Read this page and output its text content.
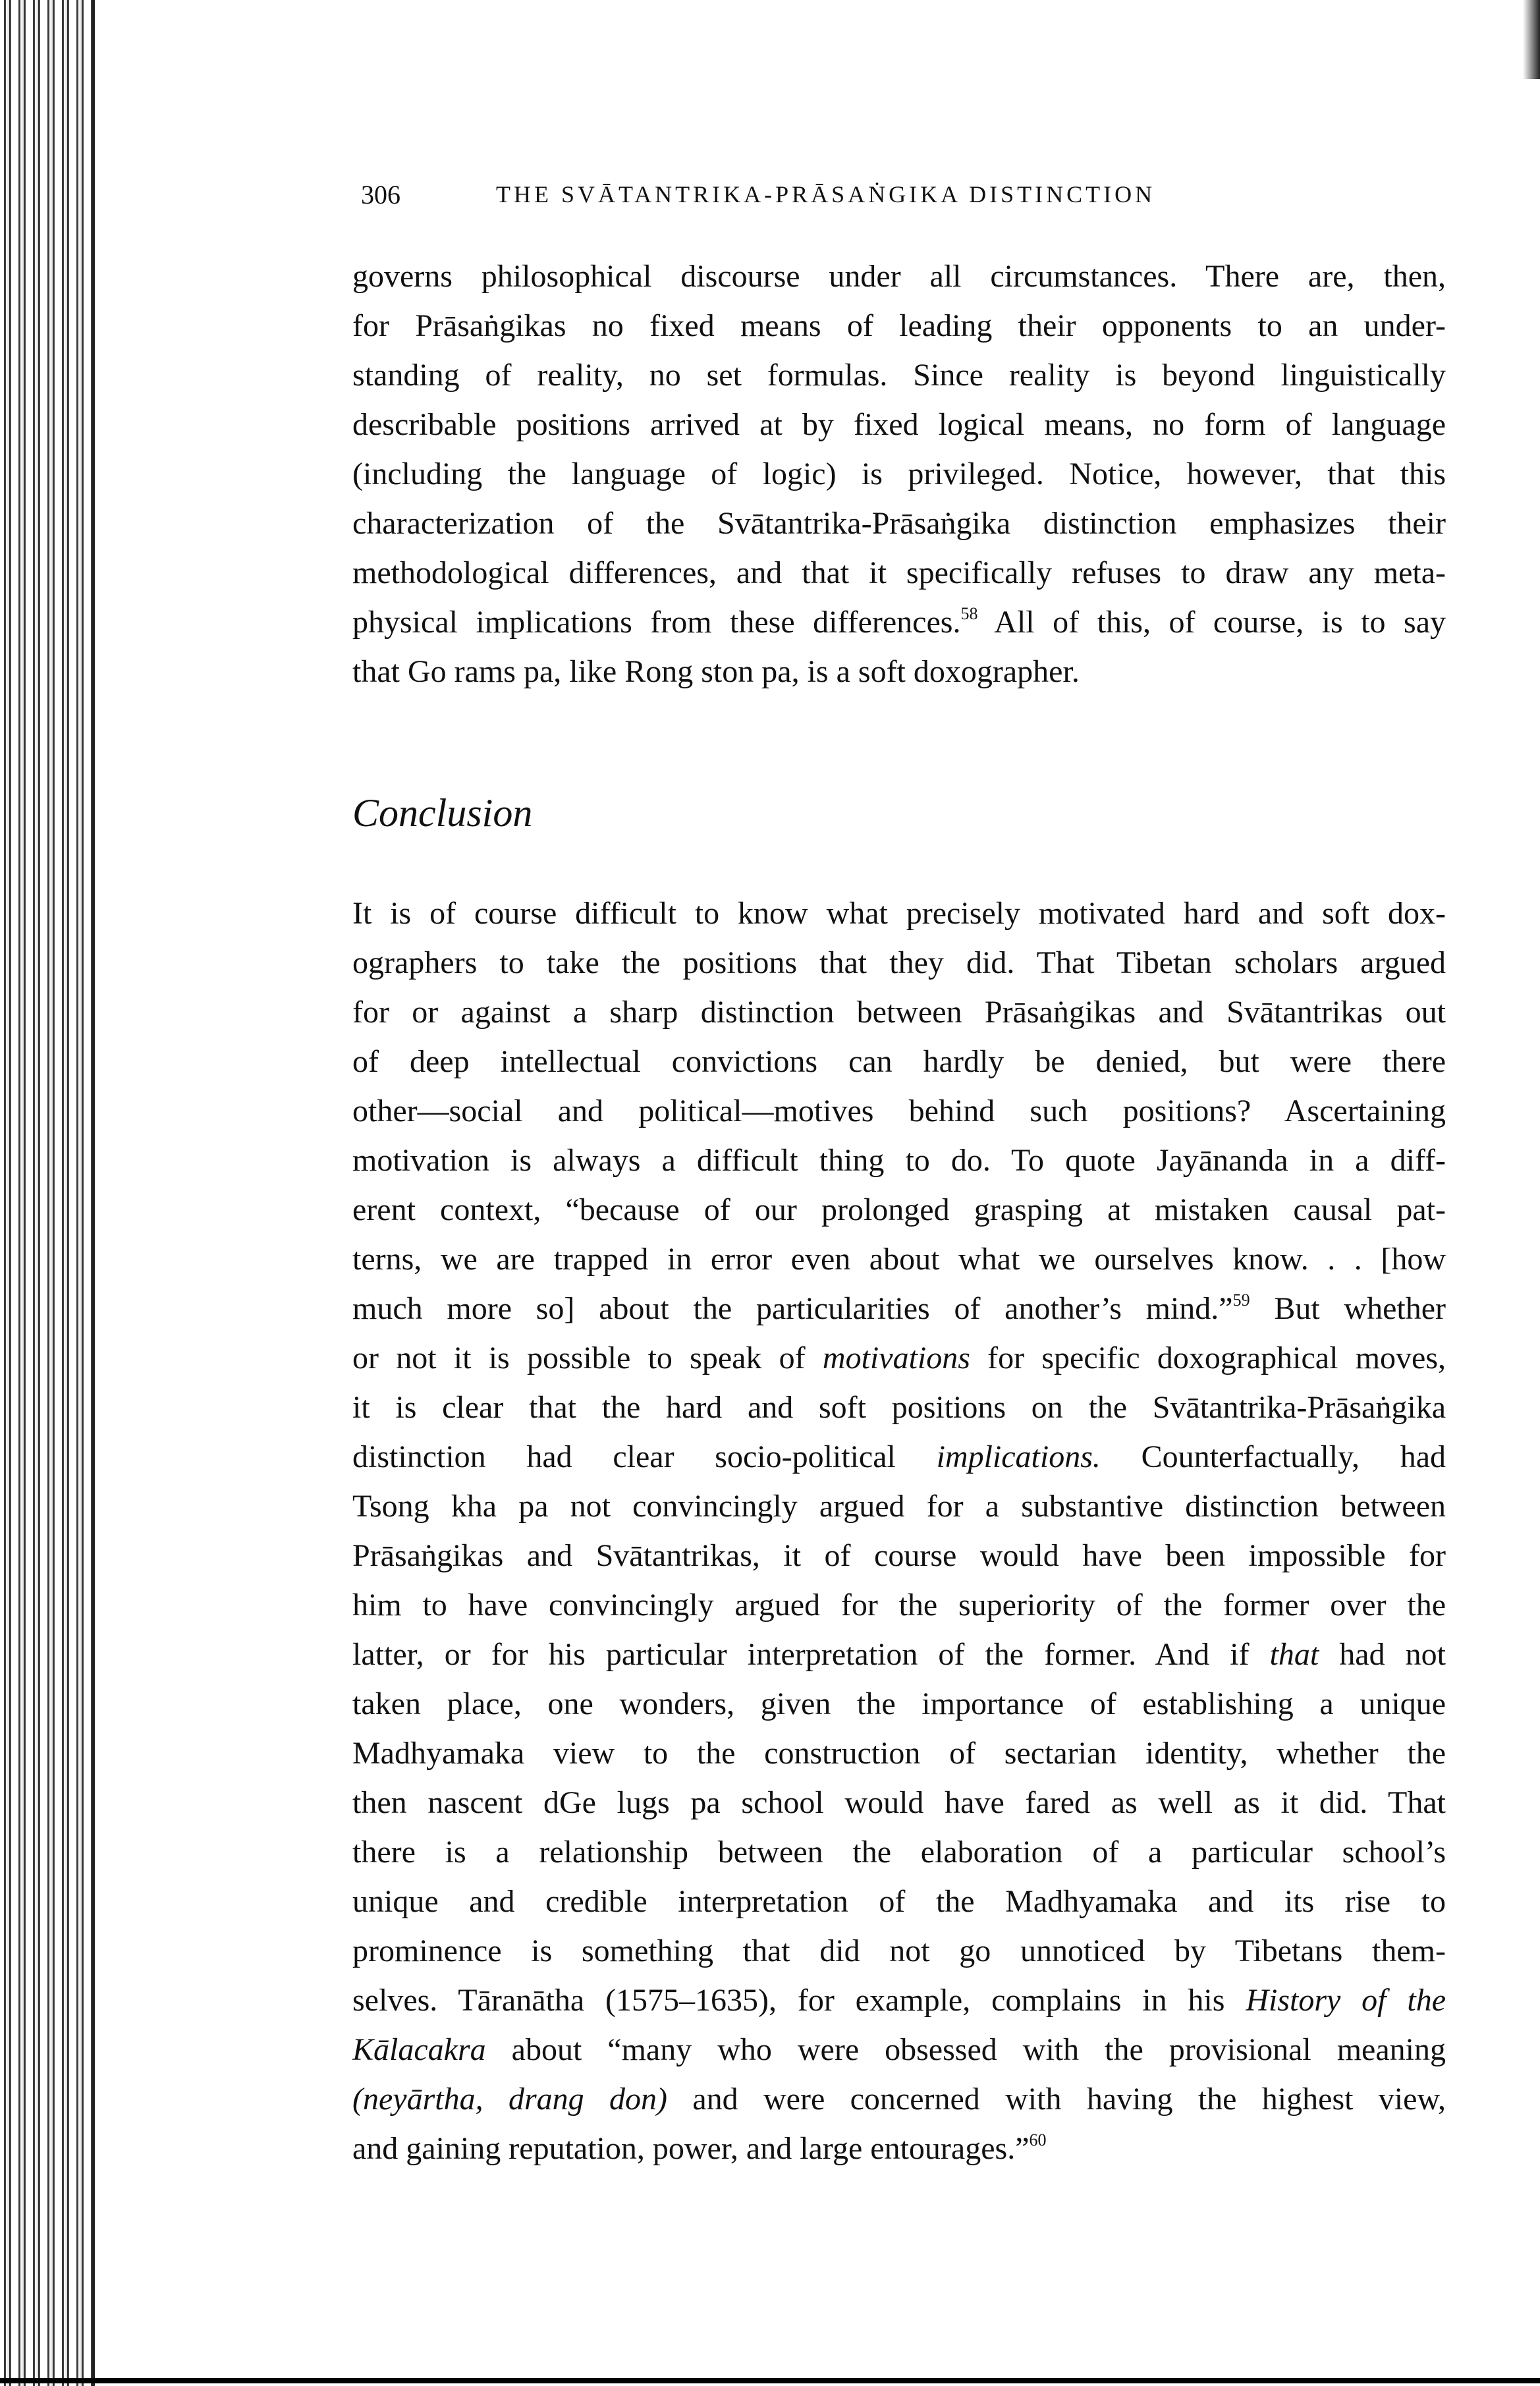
306	THE SVĀTANTRIKA-PRĀSAṄGIKA DISTINCTION
governs philosophical discourse under all circumstances. There are, then,
for Prāsaṅgikas no fixed means of leading their opponents to an under-
standing of reality, no set formulas. Since reality is beyond linguistically
describable positions arrived at by fixed logical means, no form of language
(including the language of logic) is privileged. Notice, however, that this
characterization of the Svātantrika-Prāsaṅgika distinction emphasizes their
methodological differences, and that it specifically refuses to draw any meta-
physical implications from these differences.$^{58}$ All of this, of course, is to say
that Go rams pa, like Rong ston pa, is a soft doxographer.
Conclusion
It is of course difficult to know what precisely motivated hard and soft dox-
ographers to take the positions that they did. That Tibetan scholars argued
for or against a sharp distinction between Prāsaṅgikas and Svātantrikas out
of deep intellectual convictions can hardly be denied, but were there
other—social and political—motives behind such positions? Ascertaining
motivation is always a difficult thing to do. To quote Jayānanda in a diff-
erent context, “because of our prolonged grasping at mistaken causal pat-
terns, we are trapped in error even about what we ourselves know. . . [how
much more so] about the particularities of another’s mind.”$^{59}$ But whether
or not it is possible to speak of motivations for specific doxographical moves,
it is clear that the hard and soft positions on the Svātantrika-Prāsaṅgika
distinction had clear socio-political implications. Counterfactually, had
Tsong kha pa not convincingly argued for a substantive distinction between
Prāsaṅgikas and Svātantrikas, it of course would have been impossible for
him to have convincingly argued for the superiority of the former over the
latter, or for his particular interpretation of the former. And if that had not
taken place, one wonders, given the importance of establishing a unique
Madhyamaka view to the construction of sectarian identity, whether the
then nascent dGe lugs pa school would have fared as well as it did. That
there is a relationship between the elaboration of a particular school’s
unique and credible interpretation of the Madhyamaka and its rise to
prominence is something that did not go unnoticed by Tibetans them-
selves. Tāranātha (1575–1635), for example, complains in his History of the
Kālacakra about “many who were obsessed with the provisional meaning
(neyārtha, drang don) and were concerned with having the highest view,
and gaining reputation, power, and large entourages.”$^{60}$
